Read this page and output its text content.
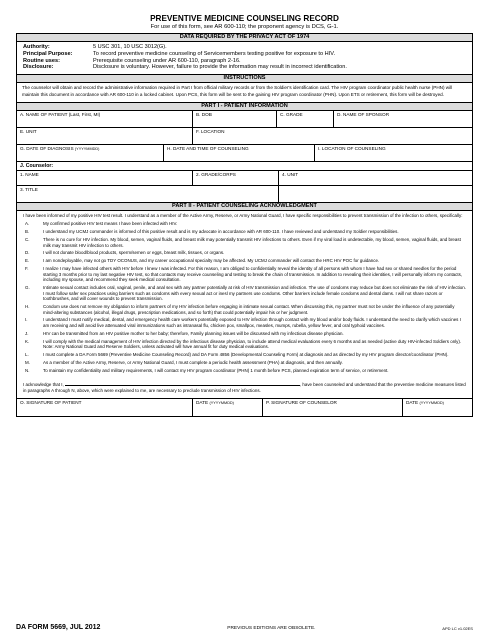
PREVENTIVE MEDICINE COUNSELING RECORD
For use of this form, see AR 600-110; the proponent agency is DCS, G-1.
DATA REQUIRED BY THE PRIVACY ACT OF 1974
Authority:	5 USC 301, 10 USC 3012(G).
Principal Purpose:	To record preventive medicine counseling of Servicemembers testing positive for exposure to HIV.
Routine uses:	Prerequisite counseling under AR 600-110, paragraph 2-16.
Disclosure:	Disclosure is voluntary. However, failure to provide the information may result in incorrect identification.
INSTRUCTIONS
The counselor will obtain and record the administrative information required in Part I from official military records or from the Soldier's identification card. The HIV program coordinator public health nurse (PHN) will maintain this document in accordance with AR 600-110 in a locked cabinet. Upon PCS, this form will be sent to the gaining HIV program coordinator (PHN). Upon ETS or retirement, this form will be destroyed.
PART I - PATIENT INFORMATION
A. NAME OF PATIENT (Last, First, MI)	B. DOB	C. GRADE	D. NAME OF SPONSOR
E. UNIT	F. LOCATION
G. DATE OF DIAGNOSIS (YYYYMMDD)	H. DATE AND TIME OF COUNSELING	I. LOCATION OF COUNSELING
J. Counselor:
1. NAME	2. GRADE/CORPS	4. UNIT
3. TITLE
PART II - PATIENT COUNSELING ACKNOWLEDGMENT
I have been informed of my positive HIV test result. I understand as a member of the Active Army, Reserve, or Army National Guard, I have specific responsibilities to prevent transmission of the infection to others, specifically:
A.	My confirmed positive HIV test means I have been infected with HIV.
B.	I understand my UCMJ commander is informed of this positive result and is my advocate in accordance with AR 600-110. I have reviewed and understand my Soldier responsibilities.
C.	There is no cure for HIV infection. My blood, semen, vaginal fluids, and breast milk may potentially transmit HIV infections to others. Even if my viral load is undetectable, my blood, semen, vaginal fluids, and breast milk may transmit HIV infection to others.
D.	I will not donate blood/blood products, sperm/semen or eggs, breast milk, tissues, or organs.
E.	I am nondeployable, may not go TDY OCONUS, and my career occupational specialty may be affected. My UCMJ commander will contact the HRC HIV POC for guidance.
F.	I realize I may have infected others with HIV before I knew I was infected. For this reason, I am obliged to confidentially reveal the identity of all persons with whom I have had sex or shared needles for the period starting 3 months prior to my last negative HIV test, so that contacts may receive counseling and testing to break the chain of transmission. In addition to revealing their identities, I will personally inform my contacts, including my spouse, and recommend they seek medical consultation.
G.	Intimate sexual contact includes oral, vaginal, penile, and anal sex with any partner potentially at risk of HIV transmission and infection. The use of condoms may reduce but does not eliminate the risk of HIV infection. I must follow safer sex practices using barriers such as condoms with every sexual act or inesl my partners use condoms. Other barriers include female condoms and dental dams. I will not share razors or toothbrushes, and will cover wounds to prevent transmission.
H.	Condom use does not remove my obligation to inform partners of my HIV infection before engaging in intimate sexual contact. When discussing this, my partner must not be under the influence of any potentially mind-altering substances (alcohol, illegal drugs, prescription medications, and so forth) that could potentially impair his or her judgment.
I.	I understand I must notify medical, dental, and emergency health care workers potentially exposed to HIV infection through contact with my blood and/or body fluids. I understand the need to clarify which vaccines I am receiving and will avoid live attenuated viral immunizations such as intranasal flu, chicken pox, smallpox, measles, mumps, rubella, yellow fever, and oral typhoid vaccines.
J.	HIV can be transmitted from an HIV positive mother to her baby; therefore, Family planning issues will be discussed with my infectious disease physician.
K.	I will comply with the medical management of HIV infection directed by the infectious disease physician, to include attend medical evaluations every 6 months and as needed (active duty HIV-infected Soldiers only). Note: Army National Guard and Reserve Soldiers, unless activated will have annual fit for duty medical evaluations.
L.	I must complete a DA Form 5669 (Preventive Medicine Counseling Record) and DA Form 4856 (Developmental Counseling Form) at diagnosis and as directed by my HIV program director/coordinator (PHN).
M.	As a member of the Active Army, Reserve, or Army National Guard, I must complete a periodic health assessment (PHA) at diagnosis, and then annually.
N.	To maintain my confidentiality and military requirements, I will contact my HIV program coordinator (PHN) 1 month before PCS, planned expiration term of service, or retirement.
I acknowledge that I,	, have been counseled and understand that the preventive medicine measures listed in paragraphs A through N, above, which were explained to me, are necessary to preclude transmission of HIV infections.
O. SIGNATURE OF PATIENT	DATE (YYYYMMDD)	P. SIGNATURE OF COUNSELOR	DATE (YYYYMMDD)
DA FORM 5669, JUL 2012	PREVIOUS EDITIONS ARE OBSOLETE.	APD LC v1.02ES
